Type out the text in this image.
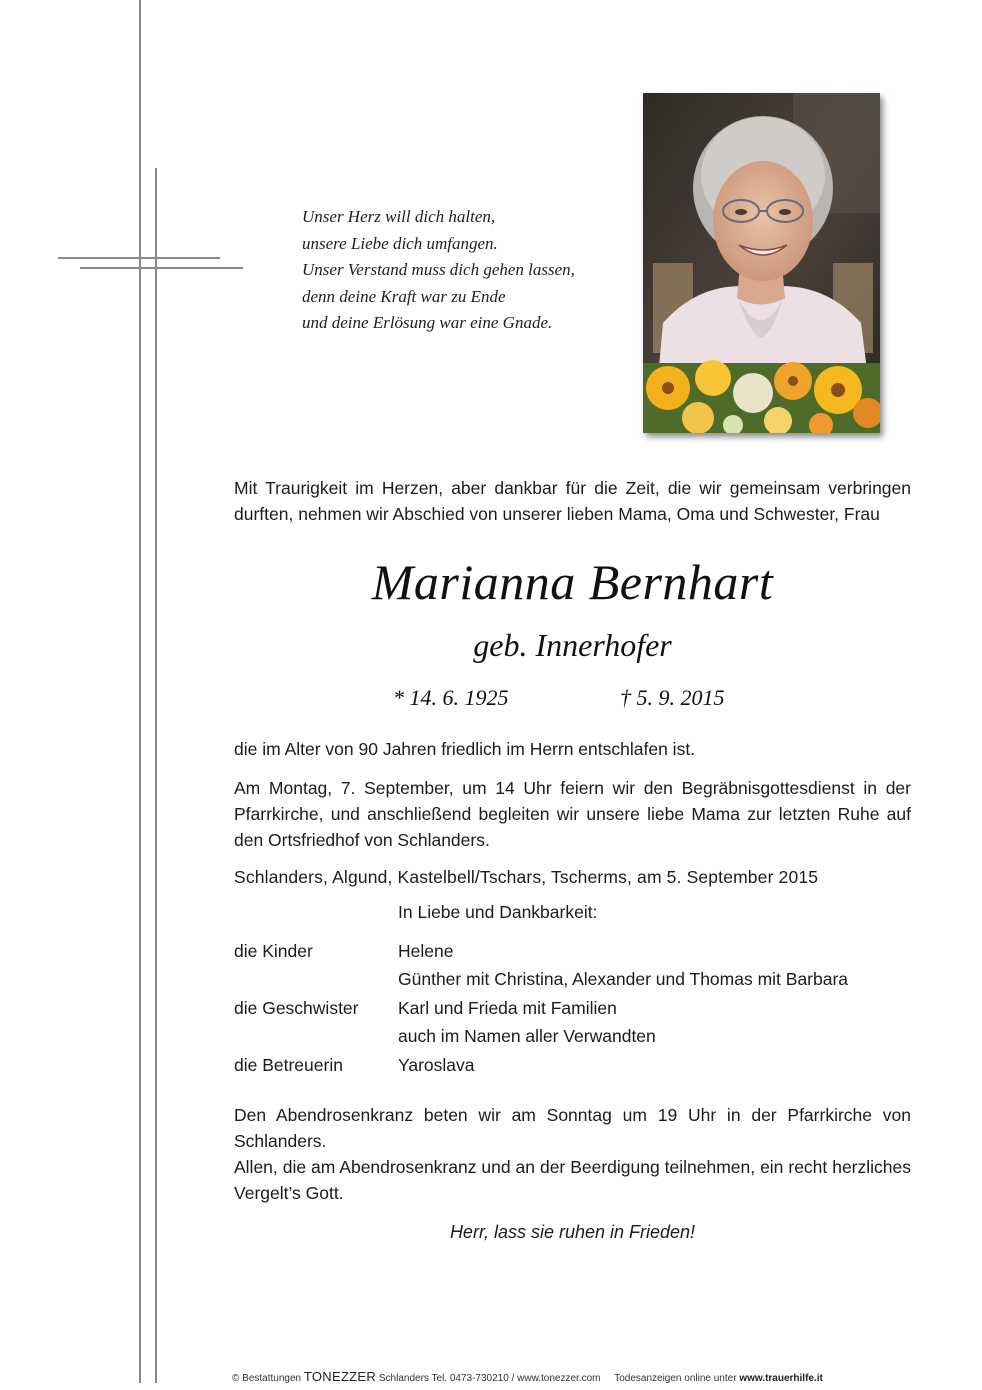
Unser Herz will dich halten,
unsere Liebe dich umfangen.
Unser Verstand muss dich gehen lassen,
denn deine Kraft war zu Ende
und deine Erlösung war eine Gnade.
Mit Traurigkeit im Herzen, aber dankbar für die Zeit, die wir gemeinsam verbringen durften, nehmen wir Abschied von unserer lieben Mama, Oma und Schwester, Frau
Marianna Bernhart
geb. Innerhofer
* 14. 6. 1925	† 5. 9. 2015
die im Alter von 90 Jahren friedlich im Herrn entschlafen ist.
Am Montag, 7. September, um 14 Uhr feiern wir den Begräbnisgottesdienst in der Pfarrkirche, und anschließend begleiten wir unsere liebe Mama zur letzten Ruhe auf den Ortsfriedhof von Schlanders.
Schlanders, Algund, Kastelbell/Tschars, Tscherms, am 5. September 2015
In Liebe und Dankbarkeit:
die Kinder	Helene
Günther mit Christina, Alexander und Thomas mit Barbara
die Geschwister	Karl und Frieda mit Familien
auch im Namen aller Verwandten
die Betreuerin	Yaroslava
Den Abendrosenkranz beten wir am Sonntag um 19 Uhr in der Pfarrkirche von Schlanders.
Allen, die am Abendrosenkranz und an der Beerdigung teilnehmen, ein recht herzliches Vergelt’s Gott.
Herr, lass sie ruhen in Frieden!
© Bestattungen TONEZZER Schlanders Tel. 0473-730210 / www.tonezzer.com Todesanzeigen online unter www.trauerhilfe.it
